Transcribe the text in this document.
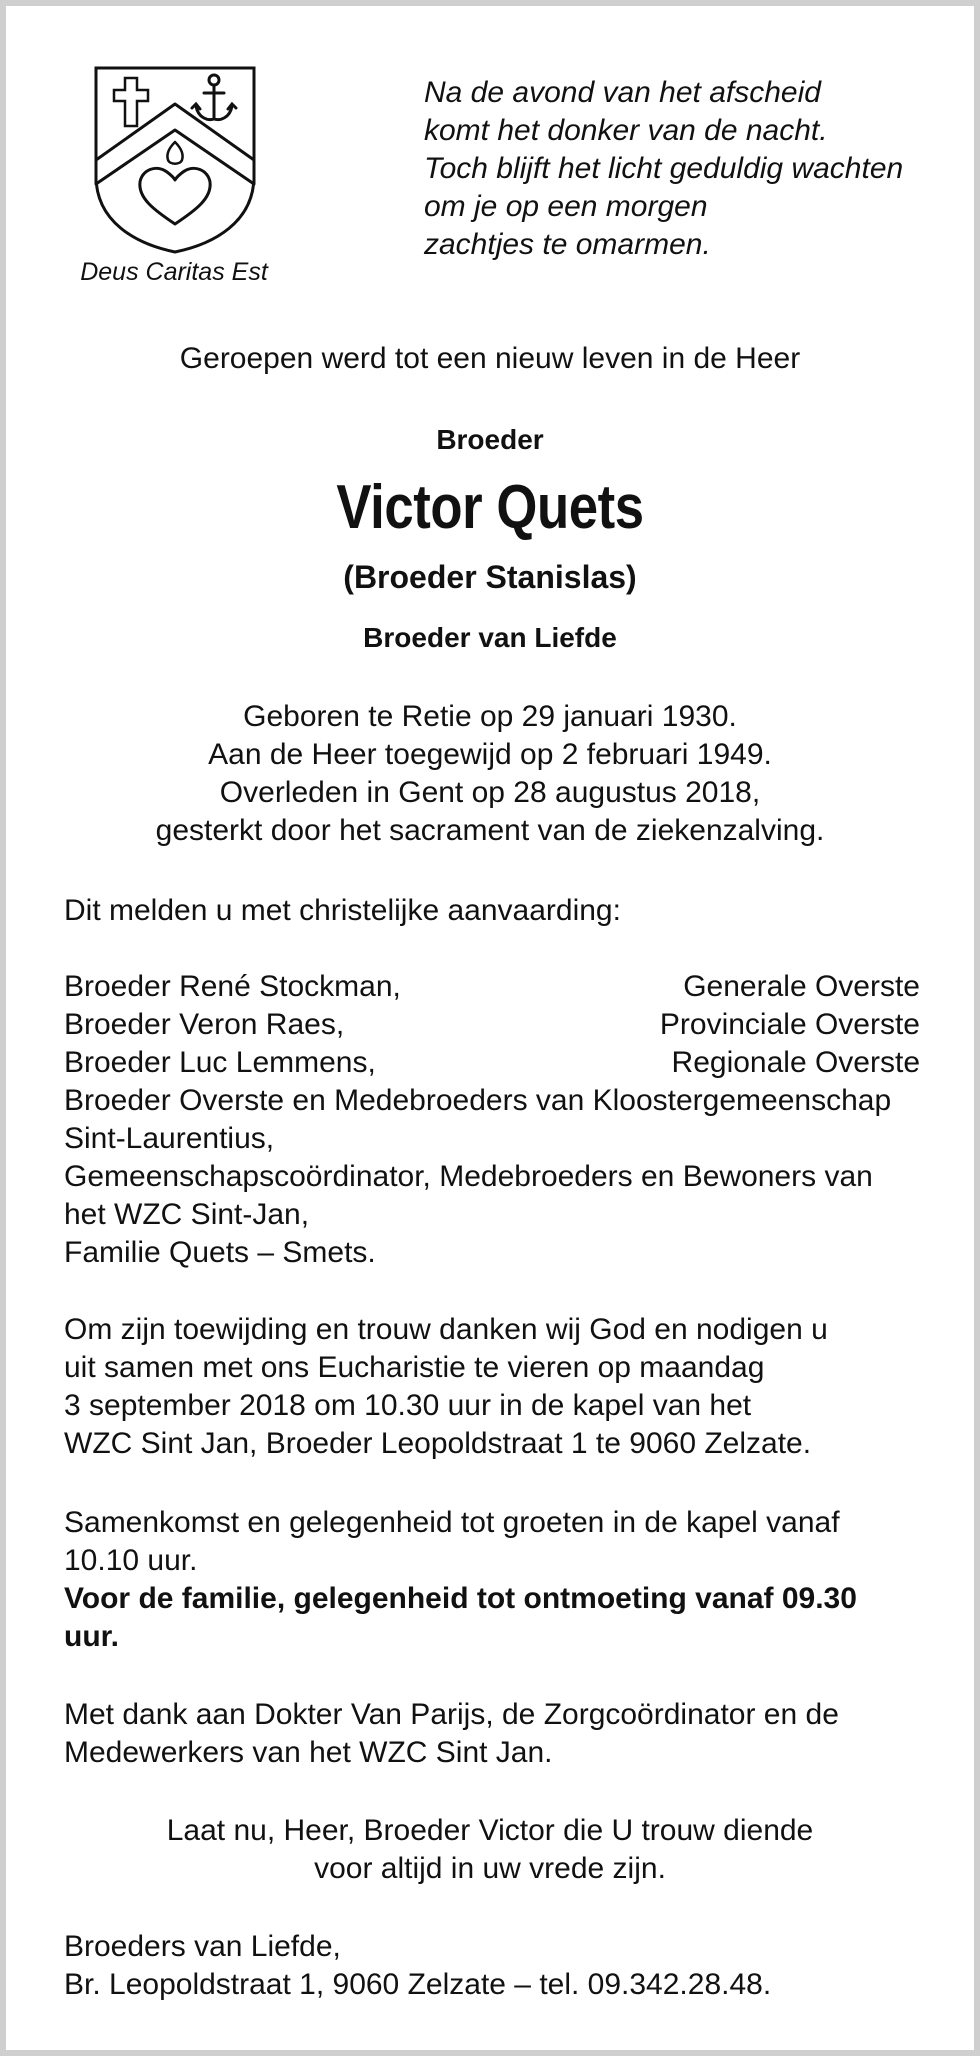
Deus Caritas Est
Na de avond van het afscheid
komt het donker van de nacht.
Toch blijft het licht geduldig wachten
om je op een morgen
zachtjes te omarmen.
Geroepen werd tot een nieuw leven in de Heer
Broeder
Victor Quets
(Broeder Stanislas)
Broeder van Liefde
Geboren te Retie op 29 januari 1930.
Aan de Heer toegewijd op 2 februari 1949.
Overleden in Gent op 28 augustus 2018,
gesterkt door het sacrament van de ziekenzalving.
Dit melden u met christelijke aanvaarding:
Broeder René Stockman,	Generale Overste
Broeder Veron Raes,	Provinciale Overste
Broeder Luc Lemmens,	Regionale Overste
Broeder Overste en Medebroeders van Kloostergemeenschap
Sint-Laurentius,
Gemeenschapscoördinator, Medebroeders en Bewoners van
het WZC Sint-Jan,
Familie Quets – Smets.
Om zijn toewijding en trouw danken wij God en nodigen u
uit samen met ons Eucharistie te vieren op maandag
3 september 2018 om 10.30 uur in de kapel van het
WZC Sint Jan, Broeder Leopoldstraat 1 te 9060 Zelzate.
Samenkomst en gelegenheid tot groeten in de kapel vanaf
10.10 uur.
Voor de familie, gelegenheid tot ontmoeting vanaf 09.30
uur.
Met dank aan Dokter Van Parijs, de Zorgcoördinator en de
Medewerkers van het WZC Sint Jan.
Laat nu, Heer, Broeder Victor die U trouw diende
voor altijd in uw vrede zijn.
Broeders van Liefde,
Br. Leopoldstraat 1, 9060 Zelzate – tel. 09.342.28.48.
